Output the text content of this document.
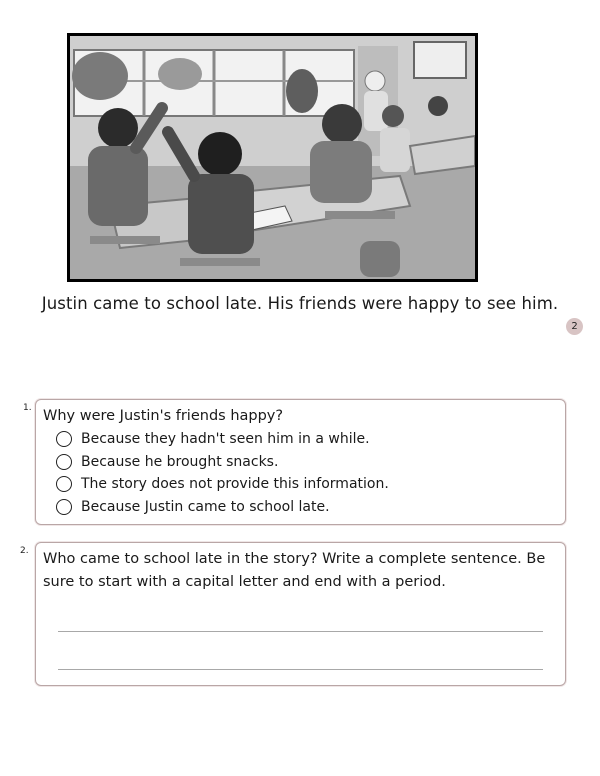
Justin came to school late. His friends were happy to see him.
2
1. Why were Justin's friends happy?
Because they hadn't seen him in a while.
Because he brought snacks.
The story does not provide this information.
Because Justin came to school late.
2. Who came to school late in the story? Write a complete sentence. Be sure to start with a capital letter and end with a period.
